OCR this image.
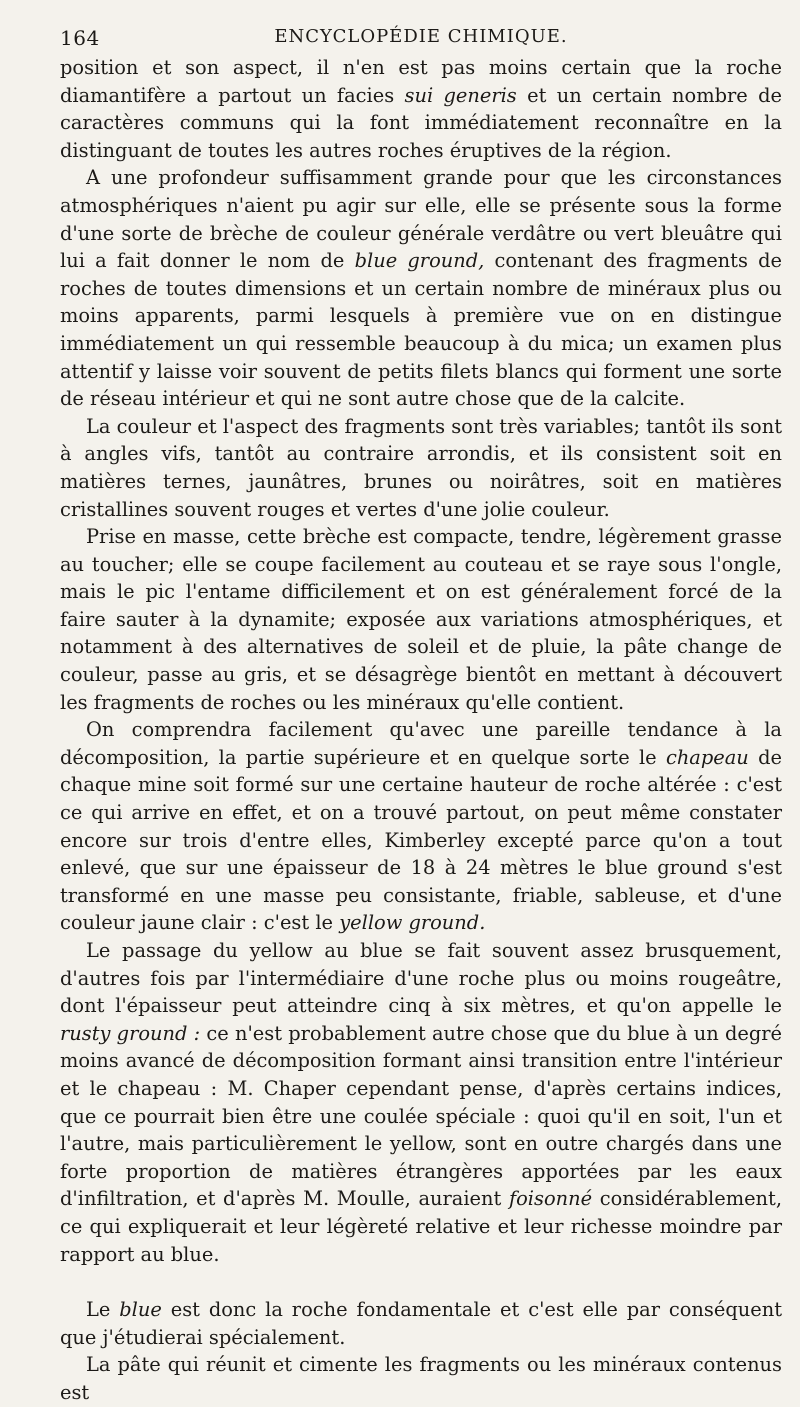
164	ENCYCLOPÉDIE CHIMIQUE.

position et son aspect, il n'en est pas moins certain que la roche diamantifère a partout un facies sui generis et un certain nombre de caractères communs qui la font immédiatement reconnaître en la distinguant de toutes les autres roches éruptives de la région.

A une profondeur suffisamment grande pour que les circonstances atmosphériques n'aient pu agir sur elle, elle se présente sous la forme d'une sorte de brèche de couleur générale verdâtre ou vert bleuâtre qui lui a fait donner le nom de blue ground, contenant des fragments de roches de toutes dimensions et un certain nombre de minéraux plus ou moins apparents, parmi lesquels à première vue on en distingue immédiatement un qui ressemble beaucoup à du mica; un examen plus attentif y laisse voir souvent de petits filets blancs qui forment une sorte de réseau intérieur et qui ne sont autre chose que de la calcite.

La couleur et l'aspect des fragments sont très variables; tantôt ils sont à angles vifs, tantôt au contraire arrondis, et ils consistent soit en matières ternes, jaunâtres, brunes ou noirâtres, soit en matières cristallines souvent rouges et vertes d'une jolie couleur.

Prise en masse, cette brèche est compacte, tendre, légèrement grasse au toucher; elle se coupe facilement au couteau et se raye sous l'ongle, mais le pic l'entame difficilement et on est généralement forcé de la faire sauter à la dynamite; exposée aux variations atmosphériques, et notamment à des alternatives de soleil et de pluie, la pâte change de couleur, passe au gris, et se désagrège bientôt en mettant à découvert les fragments de roches ou les minéraux qu'elle contient.

On comprendra facilement qu'avec une pareille tendance à la décomposition, la partie supérieure et en quelque sorte le chapeau de chaque mine soit formé sur une certaine hauteur de roche altérée : c'est ce qui arrive en effet, et on a trouvé partout, on peut même constater encore sur trois d'entre elles, Kimberley excepté parce qu'on a tout enlevé, que sur une épaisseur de 18 à 24 mètres le blue ground s'est transformé en une masse peu consistante, friable, sableuse, et d'une couleur jaune clair : c'est le yellow ground.

Le passage du yellow au blue se fait souvent assez brusquement, d'autres fois par l'intermédiaire d'une roche plus ou moins rougeâtre, dont l'épaisseur peut atteindre cinq à six mètres, et qu'on appelle le rusty ground : ce n'est probablement autre chose que du blue à un degré moins avancé de décomposition formant ainsi transition entre l'intérieur et le chapeau : M. Chaper cependant pense, d'après certains indices, que ce pourrait bien être une coulée spéciale : quoi qu'il en soit, l'un et l'autre, mais particulièrement le yellow, sont en outre chargés dans une forte proportion de matières étrangères apportées par les eaux d'infiltration, et d'après M. Moulle, auraient foisonné considérablement, ce qui expliquerait et leur légèreté relative et leur richesse moindre par rapport au blue.

Le blue est donc la roche fondamentale et c'est elle par conséquent que j'étudierai spécialement.

La pâte qui réunit et cimente les fragments ou les minéraux contenus est
